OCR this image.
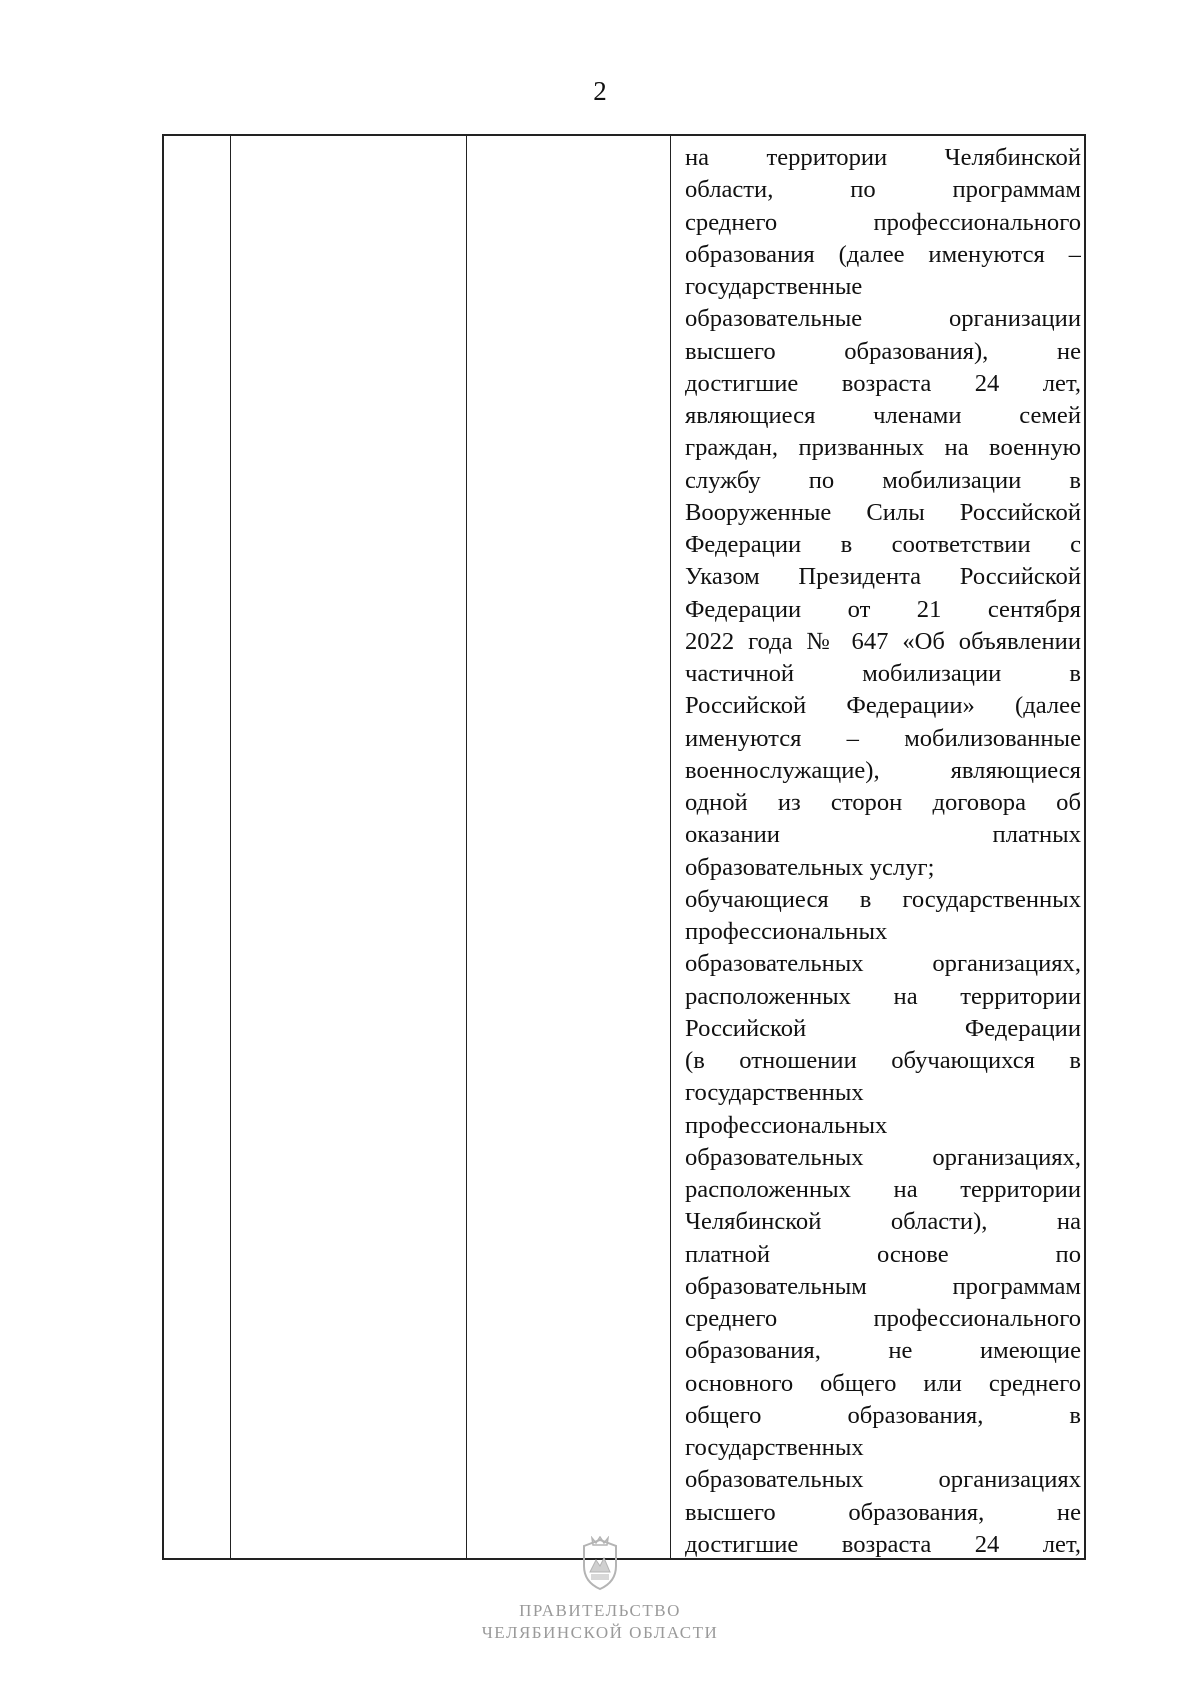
2
на территории Челябинской
области, по программам
среднего профессионального
образования (далее именуются –
государственные
образовательные организации
высшего образования), не
достигшие возраста 24 лет,
являющиеся членами семей
граждан, призванных на военную
службу по мобилизации в
Вооруженные Силы Российской
Федерации в соответствии с
Указом Президента Российской
Федерации от 21 сентября
2022 года № 647 «Об объявлении
частичной мобилизации в
Российской Федерации» (далее
именуются – мобилизованные
военнослужащие), являющиеся
одной из сторон договора об
оказании платных
образовательных услуг;
обучающиеся в государственных
профессиональных
образовательных организациях,
расположенных на территории
Российской Федерации
(в отношении обучающихся в
государственных
профессиональных
образовательных организациях,
расположенных на территории
Челябинской области), на
платной основе по
образовательным программам
среднего профессионального
образования, не имеющие
основного общего или среднего
общего образования, в
государственных
образовательных организациях
высшего образования, не
достигшие возраста 24 лет,
ПРАВИТЕЛЬСТВО
ЧЕЛЯБИНСКОЙ ОБЛАСТИ
